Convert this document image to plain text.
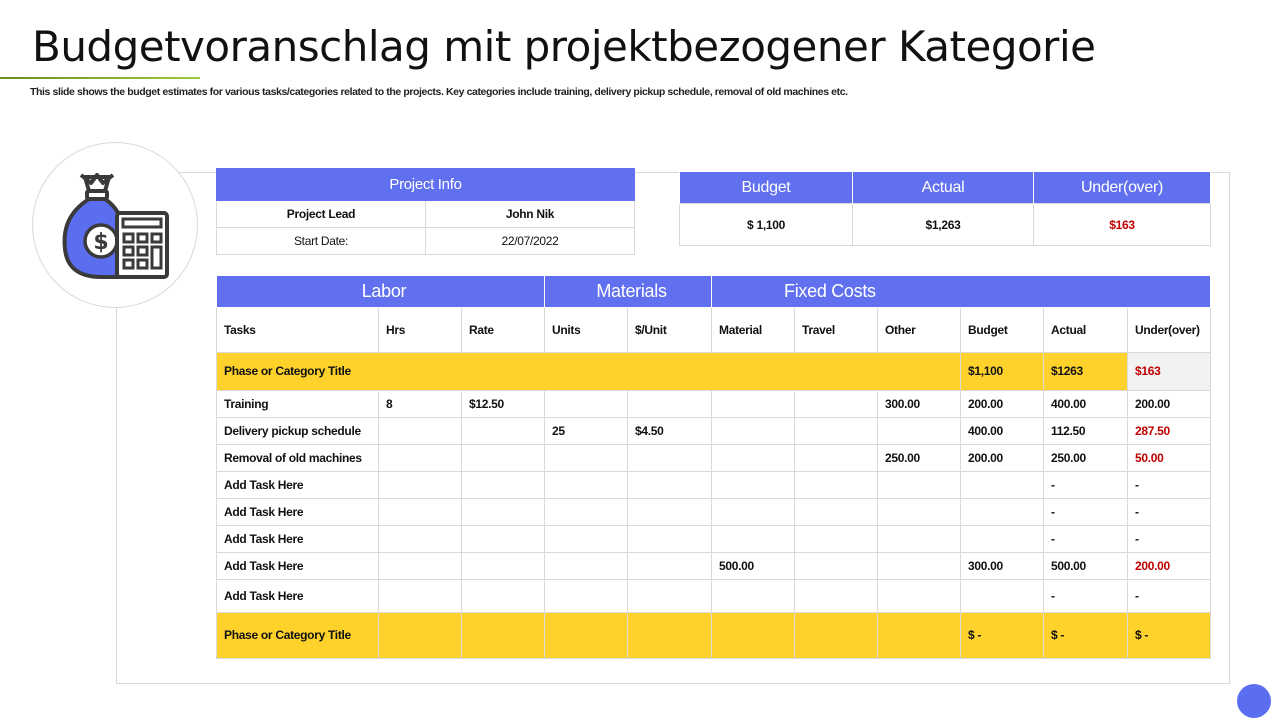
Budgetvoranschlag mit projektbezogener Kategorie
This slide shows the budget estimates for various tasks/categories related to the projects. Key categories include training, delivery pickup schedule, removal of old machines etc.
$
Project Info	
Project Lead	John Nik
Start Date:	22/07/2022
Budget	Actual	Under(over)
$ 1,100	$1,263	$163
Labor			Materials		Fixed Costs					
Tasks	Hrs	Rate	Units	$/Unit	Material	Travel	Other	Budget	Actual	Under(over)
Phase or Category Title								$1,100	$1263	$163
Training	8	$12.50					300.00	200.00	400.00	200.00
Delivery pickup schedule			25	$4.50				400.00	112.50	287.50
Removal of old machines							250.00	200.00	250.00	50.00
Add Task Here									-	-
Add Task Here									-	-
Add Task Here									-	-
Add Task Here					500.00			300.00	500.00	200.00
Add Task Here									-	-
Phase or Category Title								$ -	$ -	$ -
